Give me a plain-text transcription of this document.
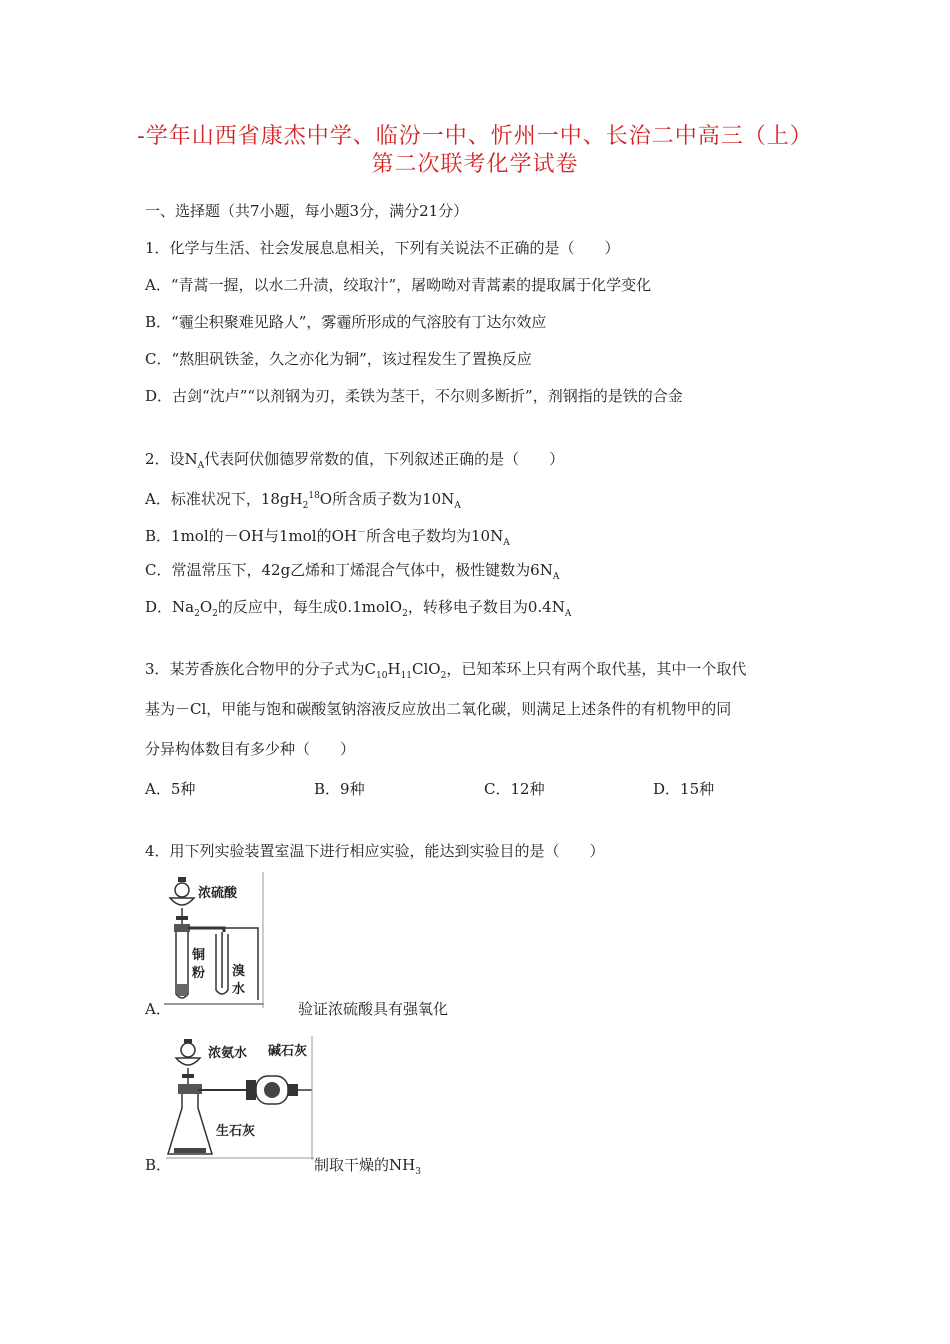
-学年山西省康杰中学、临汾一中、忻州一中、长治二中高三（上）
第二次联考化学试卷
一、选择题（共7小题，每小题3分，满分21分）
1．化学与生活、社会发展息息相关，下列有关说法不正确的是（　　）
A．“青蒿一握，以水二升渍，绞取汁”，屠呦呦对青蒿素的提取属于化学变化
B．“霾尘积聚难见路人”，雾霾所形成的气溶胶有丁达尔效应
C．“熬胆矾铁釜，久之亦化为铜”，该过程发生了置换反应
D．古剑“沈卢”“以剂钢为刃，柔铁为茎干，不尔则多断折”，剂钢指的是铁的合金
2．设$N_A$代表阿伏伽德罗常数的值，下列叙述正确的是（　　）
A．标准状况下，$18gH_2^{18}O$所含质子数为$10N_A$
B．1mol的－OH与1mol的OH－所含电子数均为$10N_A$
C．常温常压下，42g乙烯和丁烯混合气体中，极性键数为$6N_A$
D．$Na_2O_2$的反应中，每生成0.1molO$_2$，转移电子数目为$0.4N_A$
3．某芳香族化合物甲的分子式为$C_{10}H_{11}ClO_2$，已知苯环上只有两个取代基，其中一个取代
基为－Cl，甲能与饱和碳酸氢钠溶液反应放出二氧化碳，则满足上述条件的有机物甲的同
分异构体数目有多少种（　　）
A．5种	B．9种	C．12种	D．15种
4．用下列实验装置室温下进行相应实验，能达到实验目的是（　　）
浓硫酸
铜
粉 溴
水
A．	验证浓硫酸具有强氧化
浓氨水 碱石灰
生石灰
B．	制取干燥的$NH_3$
